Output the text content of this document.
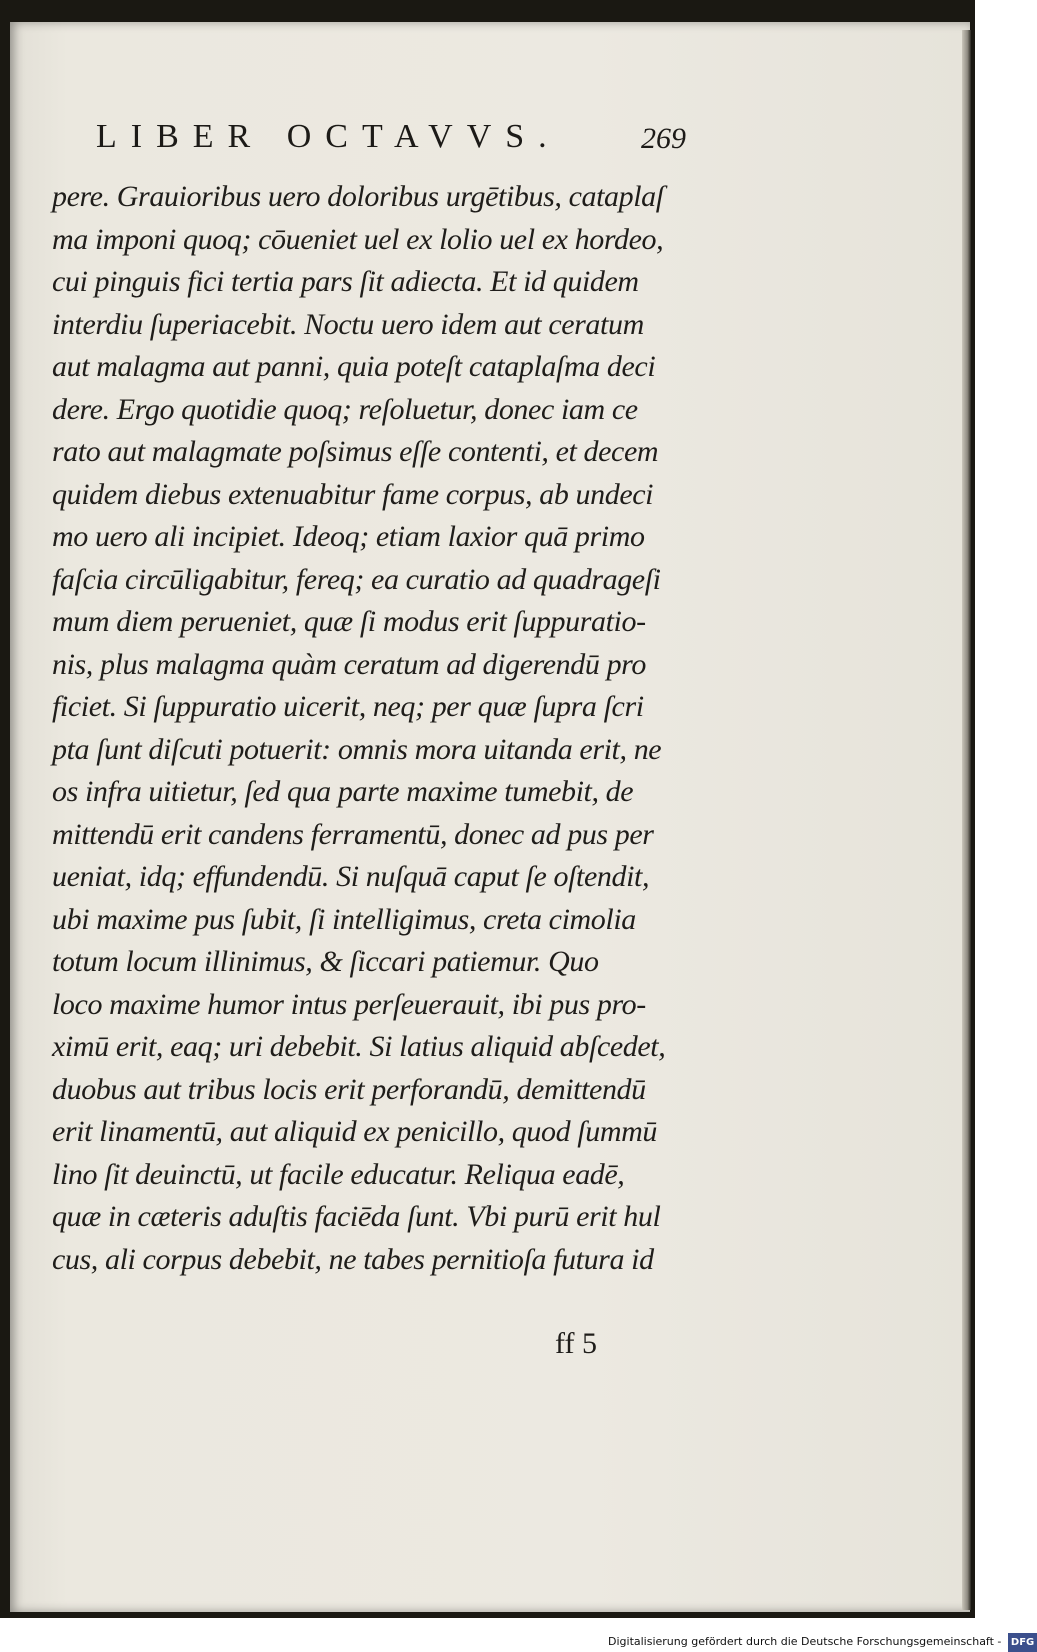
LIBER OCTAVVS.	269
pere. Grauioribus uero doloribus urgētibus, cataplaſ
ma imponi quoq; cōueniet uel ex lolio uel ex hordeo,
cui pinguis fici tertia pars ſit adiecta. Et id quidem
interdiu ſuperiacebit. Noctu uero idem aut ceratum
aut malagma aut panni, quia poteſt cataplaſma deci
dere. Ergo quotidie quoq; reſoluetur, donec iam ce
rato aut malagmate poſsimus eſſe contenti, et decem
quidem diebus extenuabitur fame corpus, ab undeci
mo uero ali incipiet. Ideoq; etiam laxior quā primo
faſcia circūligabitur, fereq; ea curatio ad quadrageſi
mum diem perueniet, quæ ſi modus erit ſuppuratio-
nis, plus malagma quàm ceratum ad digerendū pro
ficiet. Si ſuppuratio uicerit, neq; per quæ ſupra ſcri
pta ſunt diſcuti potuerit: omnis mora uitanda erit, ne
os infra uitietur, ſed qua parte maxime tumebit, de
mittendū erit candens ferramentū, donec ad pus per
ueniat, idq; effundendū. Si nuſquā caput ſe oſtendit,
ubi maxime pus ſubit, ſi intelligimus, creta cimolia
totum locum illinimus, & ſiccari patiemur. Quo
loco maxime humor intus perſeuerauit, ibi pus pro-
ximū erit, eaq; uri debebit. Si latius aliquid abſcedet,
duobus aut tribus locis erit perforandū, demittendū
erit linamentū, aut aliquid ex penicillo, quod ſummū
lino ſit deuinctū, ut facile educatur. Reliqua eadē,
quæ in cæteris aduſtis faciēda ſunt. Vbi purū erit hul
cus, ali corpus debebit, ne tabes pernitioſa futura id
ff 5
Digitalisierung gefördert durch die Deutsche Forschungsgemeinschaft - DFG
